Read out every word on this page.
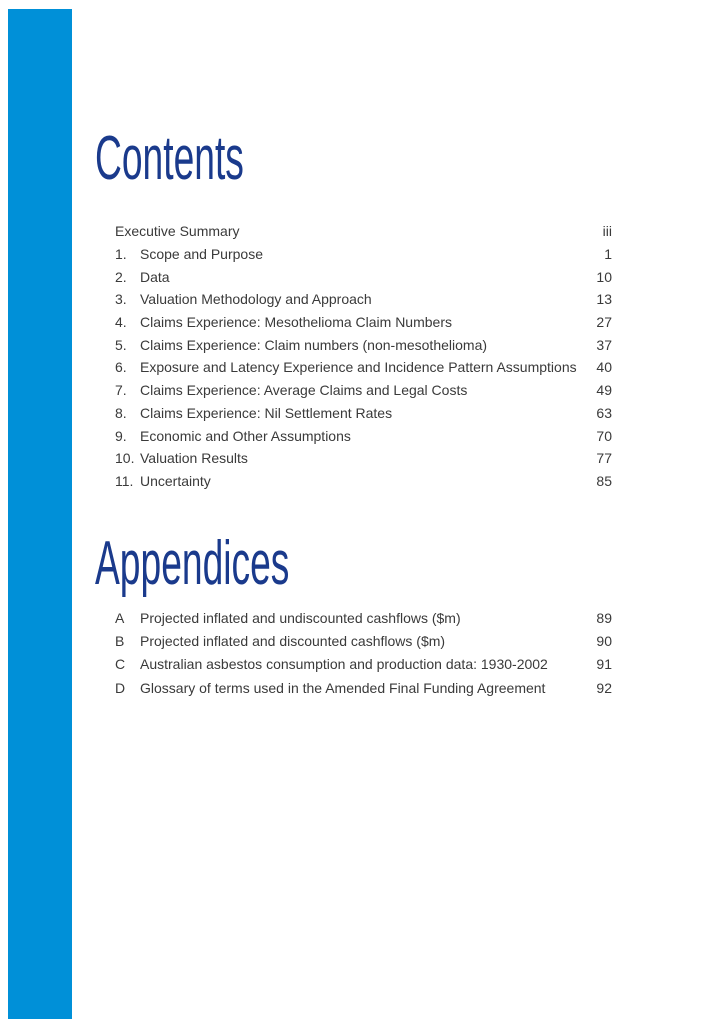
Contents
Executive Summary	iii
1. Scope and Purpose	1
2. Data	10
3. Valuation Methodology and Approach	13
4. Claims Experience: Mesothelioma Claim Numbers	27
5. Claims Experience: Claim numbers (non-mesothelioma)	37
6. Exposure and Latency Experience and Incidence Pattern Assumptions	40
7. Claims Experience: Average Claims and Legal Costs	49
8. Claims Experience: Nil Settlement Rates	63
9. Economic and Other Assumptions	70
10. Valuation Results	77
11. Uncertainty	85
Appendices
A	Projected inflated and undiscounted cashflows ($m)	89
B	Projected inflated and discounted cashflows ($m)	90
C	Australian asbestos consumption and production data: 1930-2002	91
D	Glossary of terms used in the Amended Final Funding Agreement	92
